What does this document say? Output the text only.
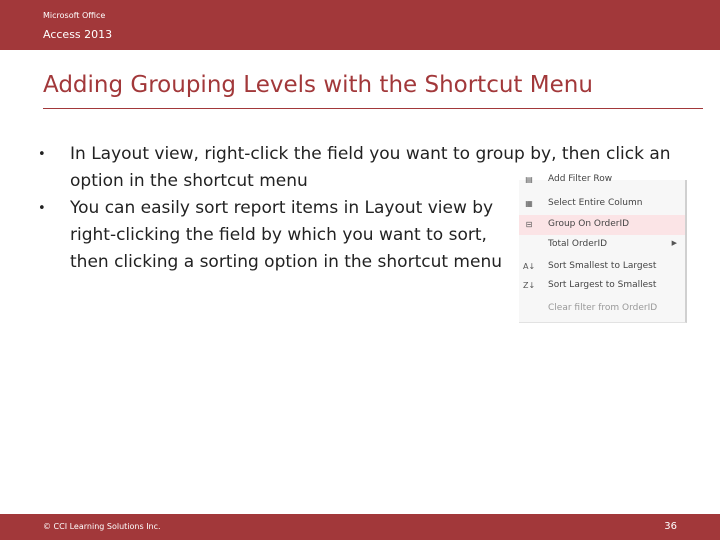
Microsoft Office
Access 2013
Adding Grouping Levels with the Shortcut Menu
• In Layout view, right-click the field you want to group by, then click an option in the shortcut menu
• You can easily sort report items in Layout view by right-clicking the field by which you want to sort, then clicking a sorting option in the shortcut menu
▤ Add Filter Row
▦ Select Entire Column
⊟ Group On OrderID
Total OrderID	▶
A↓ Sort Smallest to Largest
Z↓ Sort Largest to Smallest
Clear filter from OrderID
© CCI Learning Solutions Inc.	36
